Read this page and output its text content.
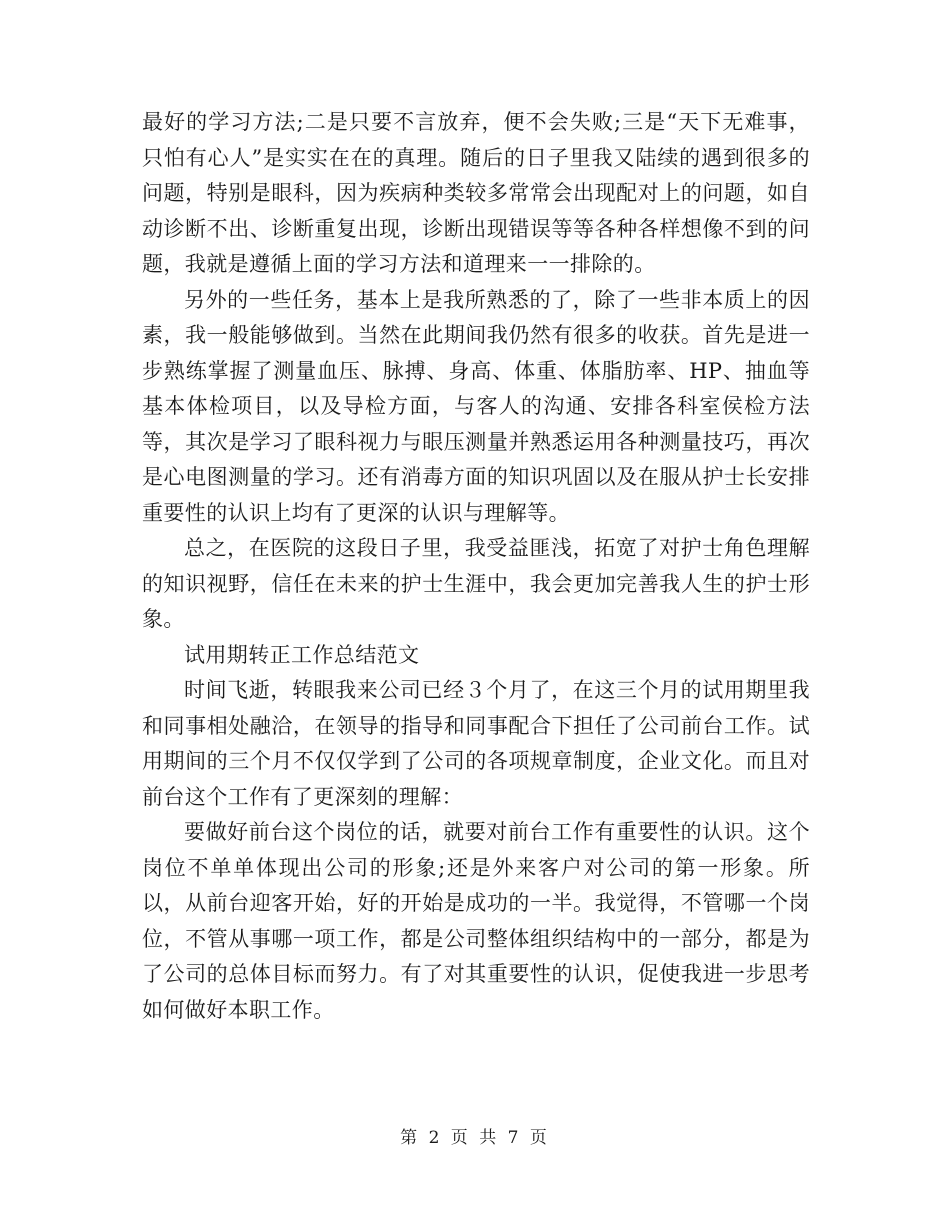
最好的学习方法;二是只要不言放弃，便不会失败;三是“天下无难事，只怕有心人”是实实在在的真理。随后的日子里我又陆续的遇到很多的问题，特别是眼科，因为疾病种类较多常常会出现配对上的问题，如自动诊断不出、诊断重复出现，诊断出现错误等等各种各样想像不到的问题，我就是遵循上面的学习方法和道理来一一排除的。

另外的一些任务，基本上是我所熟悉的了，除了一些非本质上的因素，我一般能够做到。当然在此期间我仍然有很多的收获。首先是进一步熟练掌握了测量血压、脉搏、身高、体重、体脂肪率、HP、抽血等基本体检项目，以及导检方面，与客人的沟通、安排各科室侯检方法等，其次是学习了眼科视力与眼压测量并熟悉运用各种测量技巧，再次是心电图测量的学习。还有消毒方面的知识巩固以及在服从护士长安排重要性的认识上均有了更深的认识与理解等。

总之，在医院的这段日子里，我受益匪浅，拓宽了对护士角色理解的知识视野，信任在未来的护士生涯中，我会更加完善我人生的护士形象。

试用期转正工作总结范文

时间飞逝，转眼我来公司已经３个月了，在这三个月的试用期里我和同事相处融洽，在领导的指导和同事配合下担任了公司前台工作。试用期间的三个月不仅仅学到了公司的各项规章制度，企业文化。而且对前台这个工作有了更深刻的理解：

要做好前台这个岗位的话，就要对前台工作有重要性的认识。这个岗位不单单体现出公司的形象;还是外来客户对公司的第一形象。所以，从前台迎客开始，好的开始是成功的一半。我觉得，不管哪一个岗位，不管从事哪一项工作，都是公司整体组织结构中的一部分，都是为了公司的总体目标而努力。有了对其重要性的认识，促使我进一步思考如何做好本职工作。

第 2 页 共 7 页
